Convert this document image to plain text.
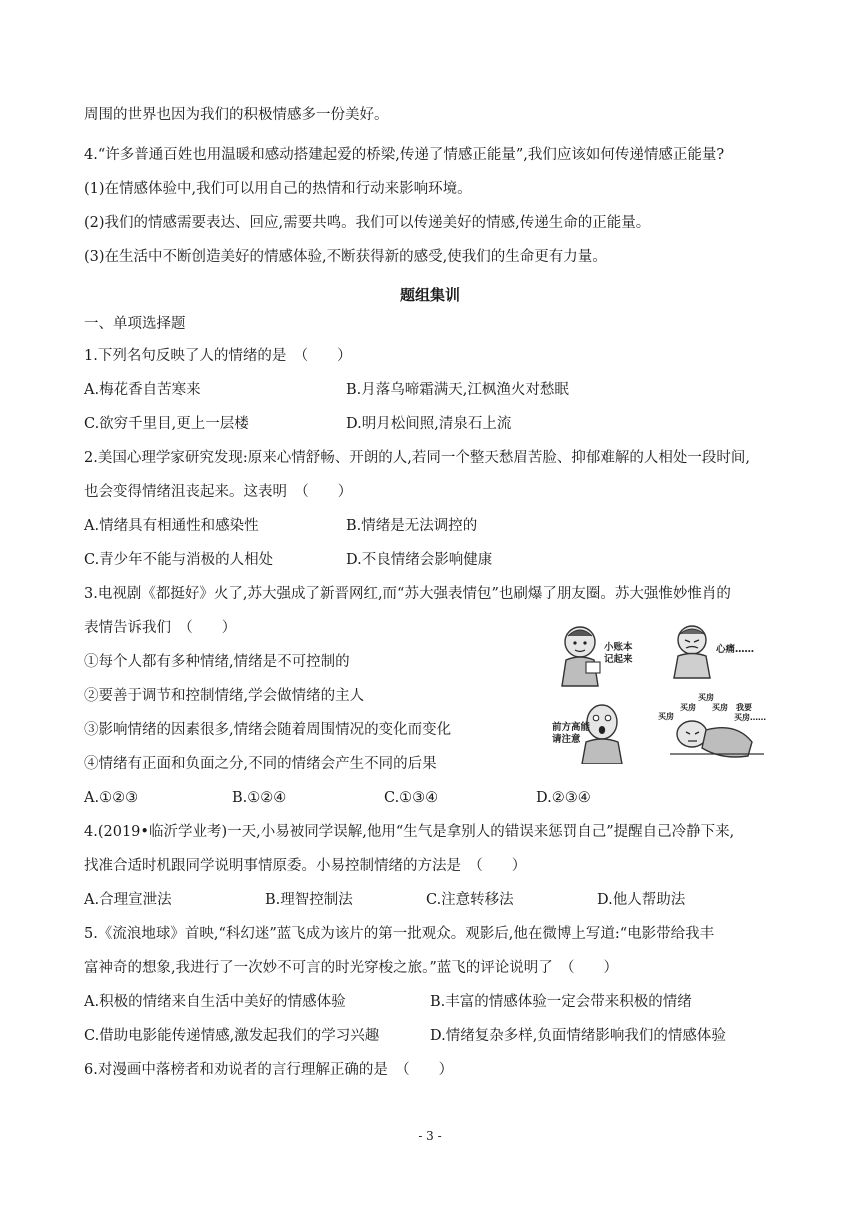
周围的世界也因为我们的积极情感多一份美好。
4.“许多普通百姓也用温暖和感动搭建起爱的桥梁,传递了情感正能量”,我们应该如何传递情感正能量?
(1)在情感体验中,我们可以用自己的热情和行动来影响环境。
(2)我们的情感需要表达、回应,需要共鸣。我们可以传递美好的情感,传递生命的正能量。
(3)在生活中不断创造美好的情感体验,不断获得新的感受,使我们的生命更有力量。
题组集训
一、单项选择题
1.下列名句反映了人的情绪的是　（　　）
A.梅花香自苦寒来	B.月落乌啼霜满天,江枫渔火对愁眠
C.欲穷千里目,更上一层楼	D.明月松间照,清泉石上流
2.美国心理学家研究发现:原来心情舒畅、开朗的人,若同一个整天愁眉苦脸、抑郁难解的人相处一段时间,
也会变得情绪沮丧起来。这表明　（　　）
A.情绪具有相通性和感染性	B.情绪是无法调控的
C.青少年不能与消极的人相处	D.不良情绪会影响健康
3.电视剧《都挺好》火了,苏大强成了新晋网红,而“苏大强表情包”也刷爆了朋友圈。苏大强惟妙惟肖的
表情告诉我们　（　　）
①每个人都有多种情绪,情绪是不可控制的
②要善于调节和控制情绪,学会做情绪的主人
③影响情绪的因素很多,情绪会随着周围情况的变化而变化
④情绪有正面和负面之分,不同的情绪会产生不同的后果
A.①②③	B.①②④	C.①③④	D.②③④
小账本
记起来
心痛……
前方高能
请注意
买房
买房 买房
买房
我要
买房……
4.(2019•临沂学业考)一天,小易被同学误解,他用“生气是拿别人的错误来惩罚自己”提醒自己冷静下来,
找准合适时机跟同学说明事情原委。小易控制情绪的方法是　（　　）
A.合理宣泄法	B.理智控制法	C.注意转移法	D.他人帮助法
5.《流浪地球》首映,“科幻迷”蓝飞成为该片的第一批观众。观影后,他在微博上写道:“电影带给我丰
富神奇的想象,我进行了一次妙不可言的时光穿梭之旅。”蓝飞的评论说明了　（　　）
A.积极的情绪来自生活中美好的情感体验	B.丰富的情感体验一定会带来积极的情绪
C.借助电影能传递情感,激发起我们的学习兴趣	D.情绪复杂多样,负面情绪影响我们的情感体验
6.对漫画中落榜者和劝说者的言行理解正确的是　（　　）
- 3 -
